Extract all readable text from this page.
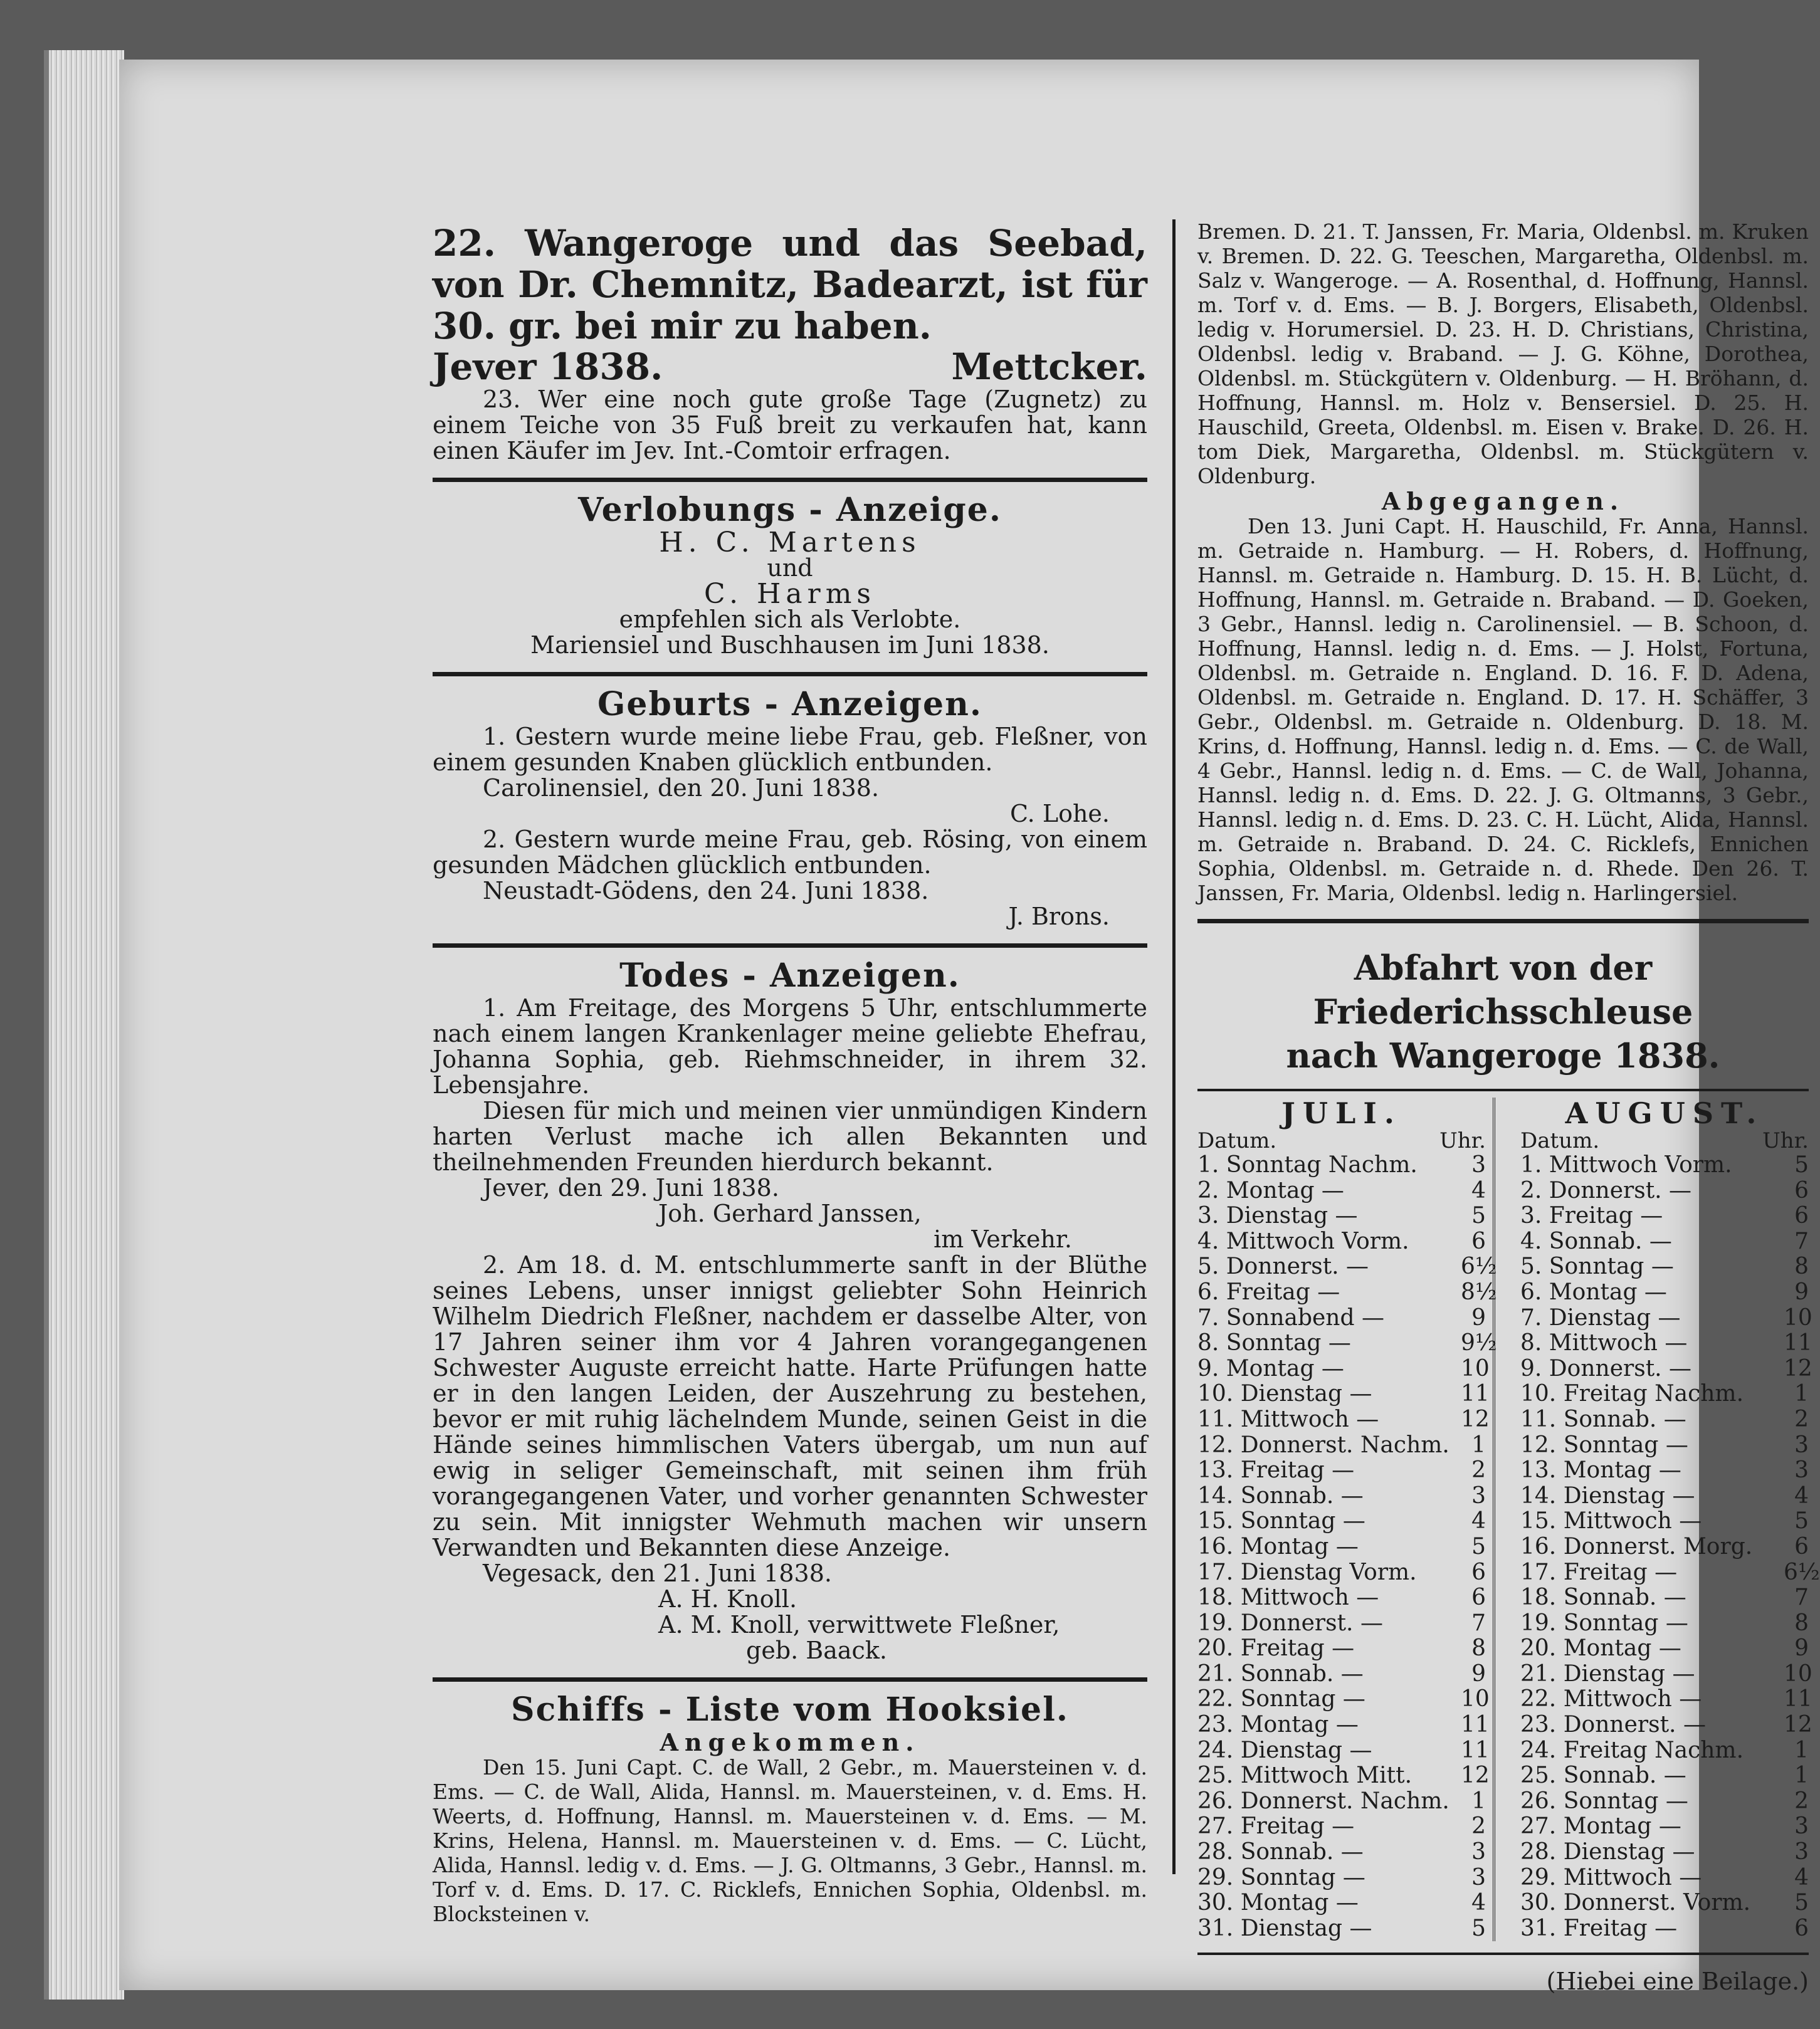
22. Wangeroge und das Seebad, von Dr. Chemnitz, Badearzt, ist für 30. gr. bei mir zu haben.
Jever 1838.	Mettcker.

23. Wer eine noch gute große Tage (Zugnetz) zu einem Teiche von 35 Fuß breit zu verkaufen hat, kann einen Käufer im Jev. Int.-Comtoir erfragen.

Verlobungs - Anzeige.
H. C. Martens
und
C. Harms
empfehlen sich als Verlobte.
Mariensiel und Buschhausen im Juni 1838.
Geburts - Anzeigen.

1. Gestern wurde meine liebe Frau, geb. Fleßner, von einem gesunden Knaben glücklich entbunden.

Carolinensiel, den 20. Juni 1838.

C. Lohe.

2. Gestern wurde meine Frau, geb. Rösing, von einem gesunden Mädchen glücklich entbunden.

Neustadt-Gödens, den 24. Juni 1838.

J. Brons.
Todes - Anzeigen.

1. Am Freitage, des Morgens 5 Uhr, entschlummerte nach einem langen Krankenlager meine geliebte Ehefrau, Johanna Sophia, geb. Riehmschneider, in ihrem 32. Lebensjahre.

Diesen für mich und meinen vier unmündigen Kindern harten Verlust mache ich allen Bekannten und theilnehmenden Freunden hierdurch bekannt.

Jever, den 29. Juni 1838.

Joh. Gerhard Janssen,
im Verkehr.

2. Am 18. d. M. entschlummerte sanft in der Blüthe seines Lebens, unser innigst geliebter Sohn Heinrich Wilhelm Diedrich Fleßner, nachdem er dasselbe Alter, von 17 Jahren seiner ihm vor 4 Jahren vorangegangenen Schwester Auguste erreicht hatte. Harte Prüfungen hatte er in den langen Leiden, der Auszehrung zu bestehen, bevor er mit ruhig lächelndem Munde, seinen Geist in die Hände seines himmlischen Vaters übergab, um nun auf ewig in seliger Gemeinschaft, mit seinen ihm früh vorangegangenen Vater, und vorher genannten Schwester zu sein. Mit innigster Wehmuth machen wir unsern Verwandten und Bekannten diese Anzeige.

Vegesack, den 21. Juni 1838.

A. H. Knoll.
A. M. Knoll, verwittwete Fleßner,
geb. Baack.
Schiffs - Liste vom Hooksiel.
Angekommen.

Den 15. Juni Capt. C. de Wall, 2 Gebr., m. Mauersteinen v. d. Ems. — C. de Wall, Alida, Hannsl. m. Mauersteinen, v. d. Ems. H. Weerts, d. Hoffnung, Hannsl. m. Mauersteinen v. d. Ems. — M. Krins, Helena, Hannsl. m. Mauersteinen v. d. Ems. — C. Lücht, Alida, Hannsl. ledig v. d. Ems. — J. G. Oltmanns, 3 Gebr., Hannsl. m. Torf v. d. Ems. D. 17. C. Ricklefs, Ennichen Sophia, Oldenbsl. m. Blocksteinen v.

Bremen. D. 21. T. Janssen, Fr. Maria, Oldenbsl. m. Kruken v. Bremen. D. 22. G. Teeschen, Margaretha, Oldenbsl. m. Salz v. Wangeroge. — A. Rosenthal, d. Hoffnung, Hannsl. m. Torf v. d. Ems. — B. J. Borgers, Elisabeth, Oldenbsl. ledig v. Horumersiel. D. 23. H. D. Christians, Christina, Oldenbsl. ledig v. Braband. — J. G. Köhne, Dorothea, Oldenbsl. m. Stückgütern v. Oldenburg. — H. Bröhann, d. Hoffnung, Hannsl. m. Holz v. Bensersiel. D. 25. H. Hauschild, Greeta, Oldenbsl. m. Eisen v. Brake. D. 26. H. tom Diek, Margaretha, Oldenbsl. m. Stückgütern v. Oldenburg.

Abgegangen.

Den 13. Juni Capt. H. Hauschild, Fr. Anna, Hannsl. m. Getraide n. Hamburg. — H. Robers, d. Hoffnung, Hannsl. m. Getraide n. Hamburg. D. 15. H. B. Lücht, d. Hoffnung, Hannsl. m. Getraide n. Braband. — D. Goeken, 3 Gebr., Hannsl. ledig n. Carolinensiel. — B. Schoon, d. Hoffnung, Hannsl. ledig n. d. Ems. — J. Holst, Fortuna, Oldenbsl. m. Getraide n. England. D. 16. F. D. Adena, Oldenbsl. m. Getraide n. England. D. 17. H. Schäffer, 3 Gebr., Oldenbsl. m. Getraide n. Oldenburg. D. 18. M. Krins, d. Hoffnung, Hannsl. ledig n. d. Ems. — C. de Wall, 4 Gebr., Hannsl. ledig n. d. Ems. — C. de Wall, Johanna, Hannsl. ledig n. d. Ems. D. 22. J. G. Oltmanns, 3 Gebr., Hannsl. ledig n. d. Ems. D. 23. C. H. Lücht, Alida, Hannsl. m. Getraide n. Braband. D. 24. C. Ricklefs, Ennichen Sophia, Oldenbsl. m. Getraide n. d. Rhede. Den 26. T. Janssen, Fr. Maria, Oldenbsl. ledig n. Harlingersiel.

Abfahrt von der Friederichsschleuse
nach Wangeroge 1838.
JULI.
Datum.	Uhr.
1. Sonntag Nachm.	3
2. Montag —	4
3. Dienstag —	5
4. Mittwoch Vorm.	6
5. Donnerst. —	6½
6. Freitag —	8½
7. Sonnabend —	9
8. Sonntag —	9½
9. Montag —	10
10. Dienstag —	11
11. Mittwoch —	12
12. Donnerst. Nachm. 1
13. Freitag —	2
14. Sonnab. —	3
15. Sonntag —	4
16. Montag —	5
17. Dienstag Vorm.	6
18. Mittwoch —	6
19. Donnerst. —	7
20. Freitag —	8
21. Sonnab. —	9
22. Sonntag —	10
23. Montag —	11
24. Dienstag —	11
25. Mittwoch Mitt.	12
26. Donnerst. Nachm. 1
27. Freitag —	2
28. Sonnab. —	3
29. Sonntag —	3
30. Montag —	4
31. Dienstag —	5
AUGUST.
Datum.	Uhr.
1. Mittwoch Vorm.	5
2. Donnerst. —	6
3. Freitag —	6
4. Sonnab. —	7
5. Sonntag —	8
6. Montag —	9
7. Dienstag —	10
8. Mittwoch —	11
9. Donnerst. —	12
10. Freitag Nachm.	1
11. Sonnab. —	2
12. Sonntag —	3
13. Montag —	3
14. Dienstag —	4
15. Mittwoch —	5
16. Donnerst. Morg.	6
17. Freitag —	6½
18. Sonnab. —	7
19. Sonntag —	8
20. Montag —	9
21. Dienstag —	10
22. Mittwoch —	11
23. Donnerst. —	12
24. Freitag Nachm.	1
25. Sonnab. —	1
26. Sonntag —	2
27. Montag —	3
28. Dienstag —	3
29. Mittwoch —	4
30. Donnerst. Vorm.	5
31. Freitag —	6
(Hiebei eine Beilage.)
